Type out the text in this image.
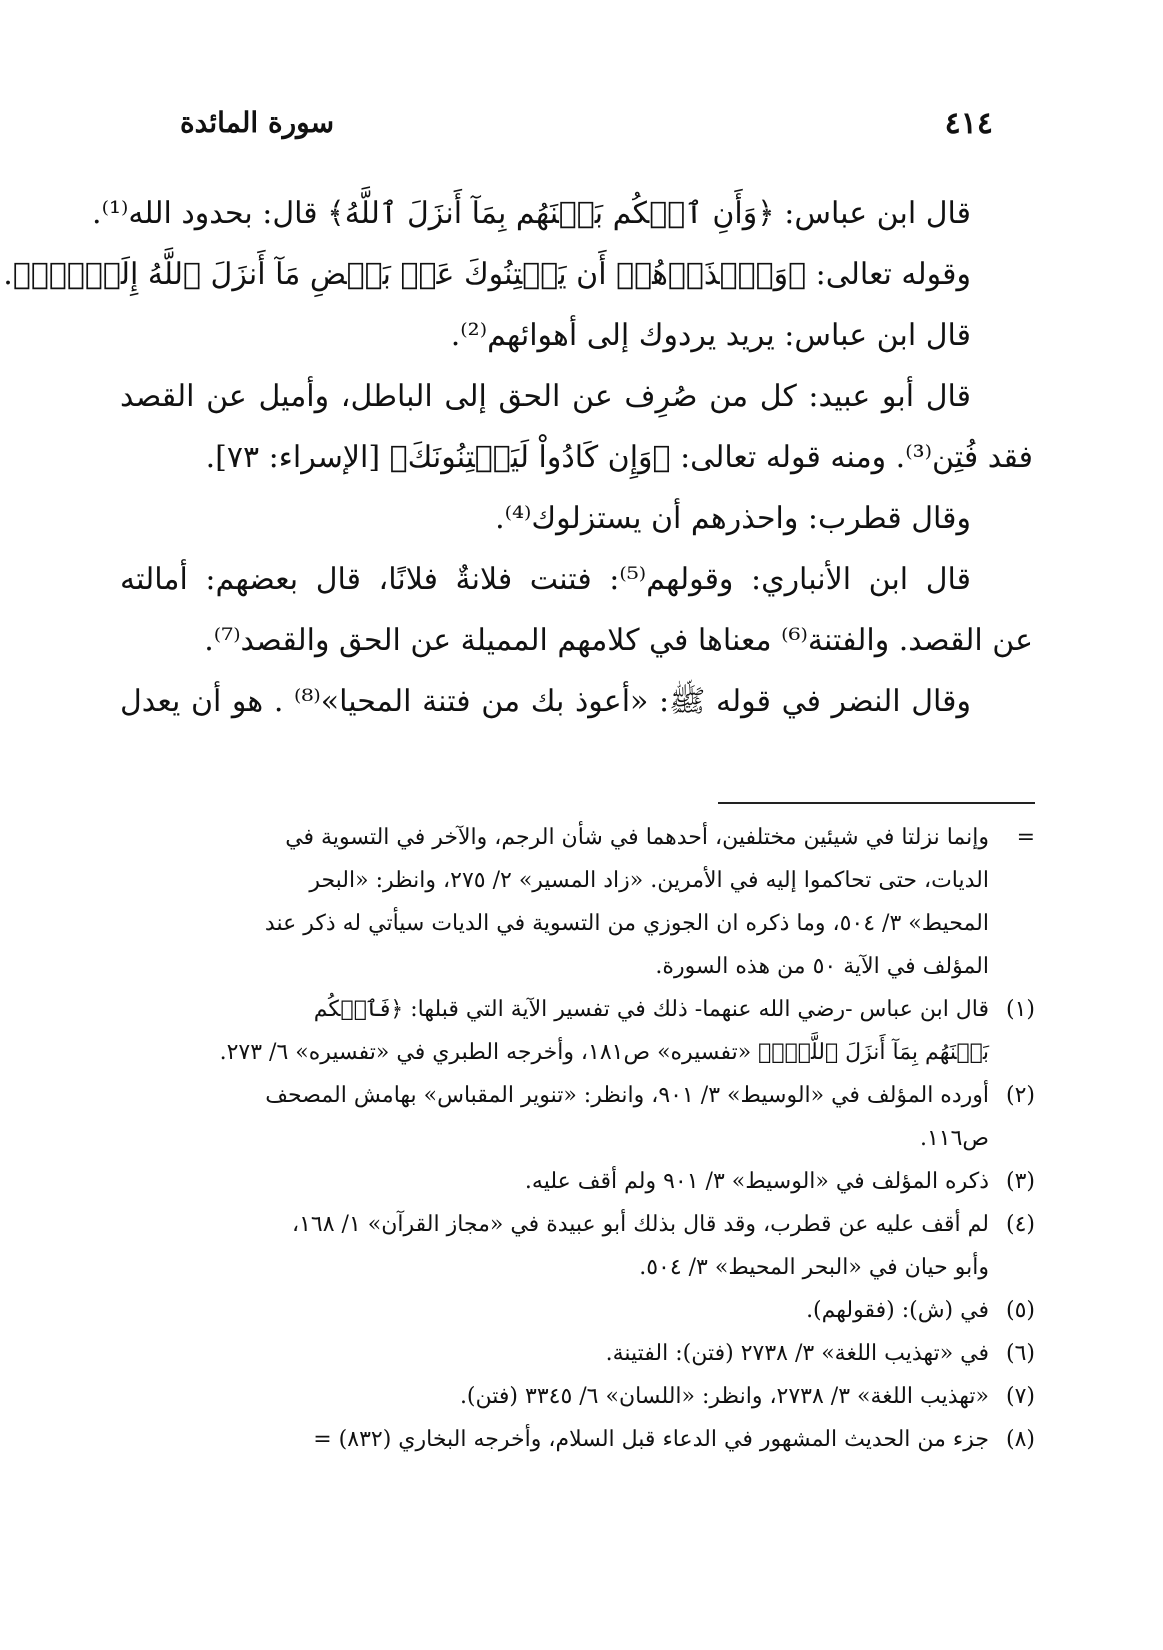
٤١٤
سورة المائدة
قال ابن عباس: ﴿وَأَنِ ٱحۡكُم بَيۡنَهُم بِمَآ أَنزَلَ ٱللَّهُ﴾ قال: بحدود الله⁽¹⁾.
وقوله تعالى: ﴿وَٱحۡذَرۡهُمۡ أَن يَفۡتِنُوكَ عَنۢ بَعۡضِ مَآ أَنزَلَ ٱللَّهُ إِلَيۡكَۖ﴾.
قال ابن عباس: يريد يردوك إلى أهوائهم⁽²⁾.
قال أبو عبيد: كل من صُرِف عن الحق إلى الباطل، وأميل عن القصد
فقد فُتِن⁽³⁾. ومنه قوله تعالى: ﴿وَإِن كَادُواْ لَيَفۡتِنُونَكَ﴾ [الإسراء: ٧٣].
وقال قطرب: واحذرهم أن يستزلوك⁽⁴⁾.
قال ابن الأنباري: وقولهم⁽⁵⁾: فتنت فلانةٌ فلانًا، قال بعضهم: أمالته
عن القصد. والفتنة⁽⁶⁾ معناها في كلامهم المميلة عن الحق والقصد⁽⁷⁾.
وقال النضر في قوله ﷺ: «أعوذ بك من فتنة المحيا»⁽⁸⁾ . هو أن يعدل
=وإنما نزلتا في شيئين مختلفين، أحدهما في شأن الرجم، والآخر في التسوية في
الديات، حتى تحاكموا إليه في الأمرين. «زاد المسير» ٢/ ٢٧٥، وانظر: «البحر
المحيط» ٣/ ٥٠٤، وما ذكره ان الجوزي من التسوية في الديات سيأتي له ذكر عند
المؤلف في الآية ٥٠ من هذه السورة.
(١)قال ابن عباس -رضي الله عنهما- ذلك في تفسير الآية التي قبلها: ﴿فَٱحۡكُم
بَيۡنَهُم بِمَآ أَنزَلَ ٱللَّهُۖ﴾ «تفسيره» ص١٨١، وأخرجه الطبري في «تفسيره» ٦/ ٢٧٣.
(٢)أورده المؤلف في «الوسيط» ٣/ ٩٠١، وانظر: «تنوير المقباس» بهامش المصحف
ص١١٦.
(٣)ذكره المؤلف في «الوسيط» ٣/ ٩٠١ ولم أقف عليه.
(٤)لم أقف عليه عن قطرب، وقد قال بذلك أبو عبيدة في «مجاز القرآن» ١/ ١٦٨،
وأبو حيان في «البحر المحيط» ٣/ ٥٠٤.
(٥)في (ش): (فقولهم).
(٦)في «تهذيب اللغة» ٣/ ٢٧٣٨ (فتن): الفتينة.
(٧)«تهذيب اللغة» ٣/ ٢٧٣٨، وانظر: «اللسان» ٦/ ٣٣٤٥ (فتن).
(٨)جزء من الحديث المشهور في الدعاء قبل السلام، وأخرجه البخاري (٨٣٢) =
